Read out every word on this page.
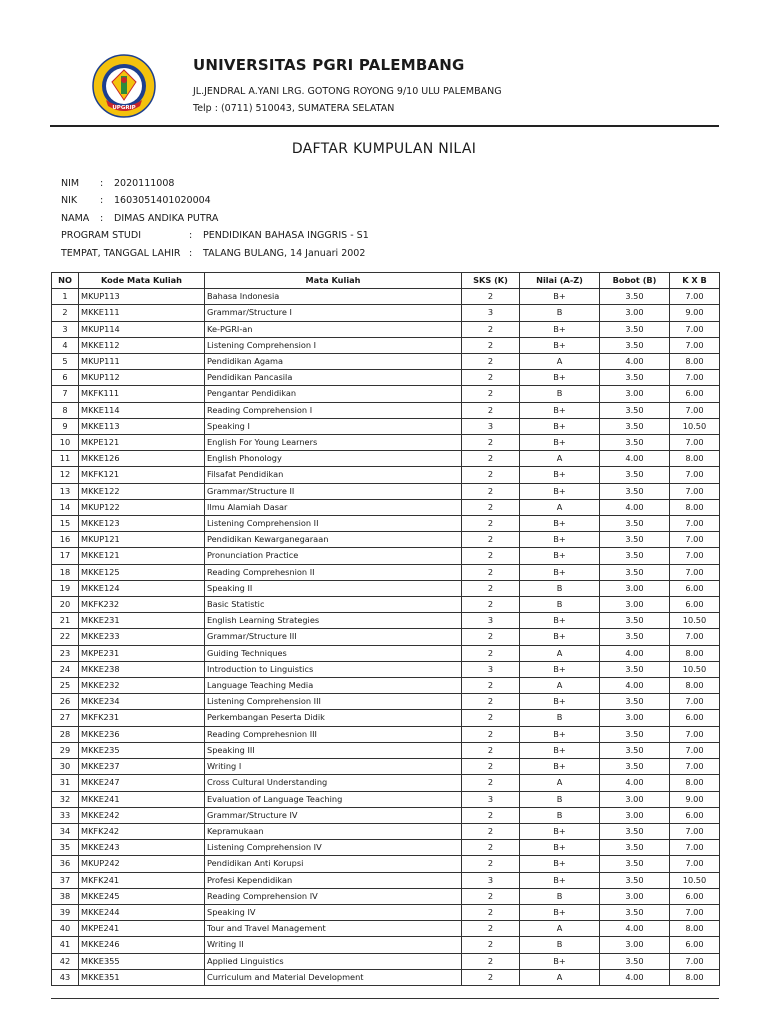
UPGRIP
UNIVERSITAS PGRI PALEMBANG
JL.JENDRAL A.YANI LRG. GOTONG ROYONG 9/10 ULU PALEMBANG
Telp : (0711) 510043, SUMATERA SELATAN
DAFTAR KUMPULAN NILAI
NIM : 2020111008
NIK : 1603051401020004
NAMA : DIMAS ANDIKA PUTRA
PROGRAM STUDI	: PENDIDIKAN BAHASA INGGRIS - S1
TEMPAT, TANGGAL LAHIR : TALANG BULANG, 14 Januari 2002
NO	Kode Mata Kuliah	Mata Kuliah	SKS (K)	Nilai (A-Z)	Bobot (B)	K X B
1	MKUP113	Bahasa Indonesia	2	B+	3.50	7.00
2	MKKE111	Grammar/Structure I	3	B	3.00	9.00
3	MKUP114	Ke-PGRI-an	2	B+	3.50	7.00
4	MKKE112	Listening Comprehension I	2	B+	3.50	7.00
5	MKUP111	Pendidikan Agama	2	A	4.00	8.00
6	MKUP112	Pendidikan Pancasila	2	B+	3.50	7.00
7	MKFK111	Pengantar Pendidikan	2	B	3.00	6.00
8	MKKE114	Reading Comprehension I	2	B+	3.50	7.00
9	MKKE113	Speaking I	3	B+	3.50	10.50
10	MKPE121	English For Young Learners	2	B+	3.50	7.00
11	MKKE126	English Phonology	2	A	4.00	8.00
12	MKFK121	Filsafat Pendidikan	2	B+	3.50	7.00
13	MKKE122	Grammar/Structure II	2	B+	3.50	7.00
14	MKUP122	Ilmu Alamiah Dasar	2	A	4.00	8.00
15	MKKE123	Listening Comprehension II	2	B+	3.50	7.00
16	MKUP121	Pendidikan Kewarganegaraan	2	B+	3.50	7.00
17	MKKE121	Pronunciation Practice	2	B+	3.50	7.00
18	MKKE125	Reading Comprehesnion II	2	B+	3.50	7.00
19	MKKE124	Speaking II	2	B	3.00	6.00
20	MKFK232	Basic Statistic	2	B	3.00	6.00
21	MKKE231	English Learning Strategies	3	B+	3.50	10.50
22	MKKE233	Grammar/Structure III	2	B+	3.50	7.00
23	MKPE231	Guiding Techniques	2	A	4.00	8.00
24	MKKE238	Introduction to Linguistics	3	B+	3.50	10.50
25	MKKE232	Language Teaching Media	2	A	4.00	8.00
26	MKKE234	Listening Comprehension III	2	B+	3.50	7.00
27	MKFK231	Perkembangan Peserta Didik	2	B	3.00	6.00
28	MKKE236	Reading Comprehesnion III	2	B+	3.50	7.00
29	MKKE235	Speaking III	2	B+	3.50	7.00
30	MKKE237	Writing I	2	B+	3.50	7.00
31	MKKE247	Cross Cultural Understanding	2	A	4.00	8.00
32	MKKE241	Evaluation of Language Teaching	3	B	3.00	9.00
33	MKKE242	Grammar/Structure IV	2	B	3.00	6.00
34	MKFK242	Kepramukaan	2	B+	3.50	7.00
35	MKKE243	Listening Comprehension IV	2	B+	3.50	7.00
36	MKUP242	Pendidikan Anti Korupsi	2	B+	3.50	7.00
37	MKFK241	Profesi Kependidikan	3	B+	3.50	10.50
38	MKKE245	Reading Comprehension IV	2	B	3.00	6.00
39	MKKE244	Speaking IV	2	B+	3.50	7.00
40	MKPE241	Tour and Travel Management	2	A	4.00	8.00
41	MKKE246	Writing II	2	B	3.00	6.00
42	MKKE355	Applied Linguistics	2	B+	3.50	7.00
43	MKKE351	Curriculum and Material Development	2	A	4.00	8.00
